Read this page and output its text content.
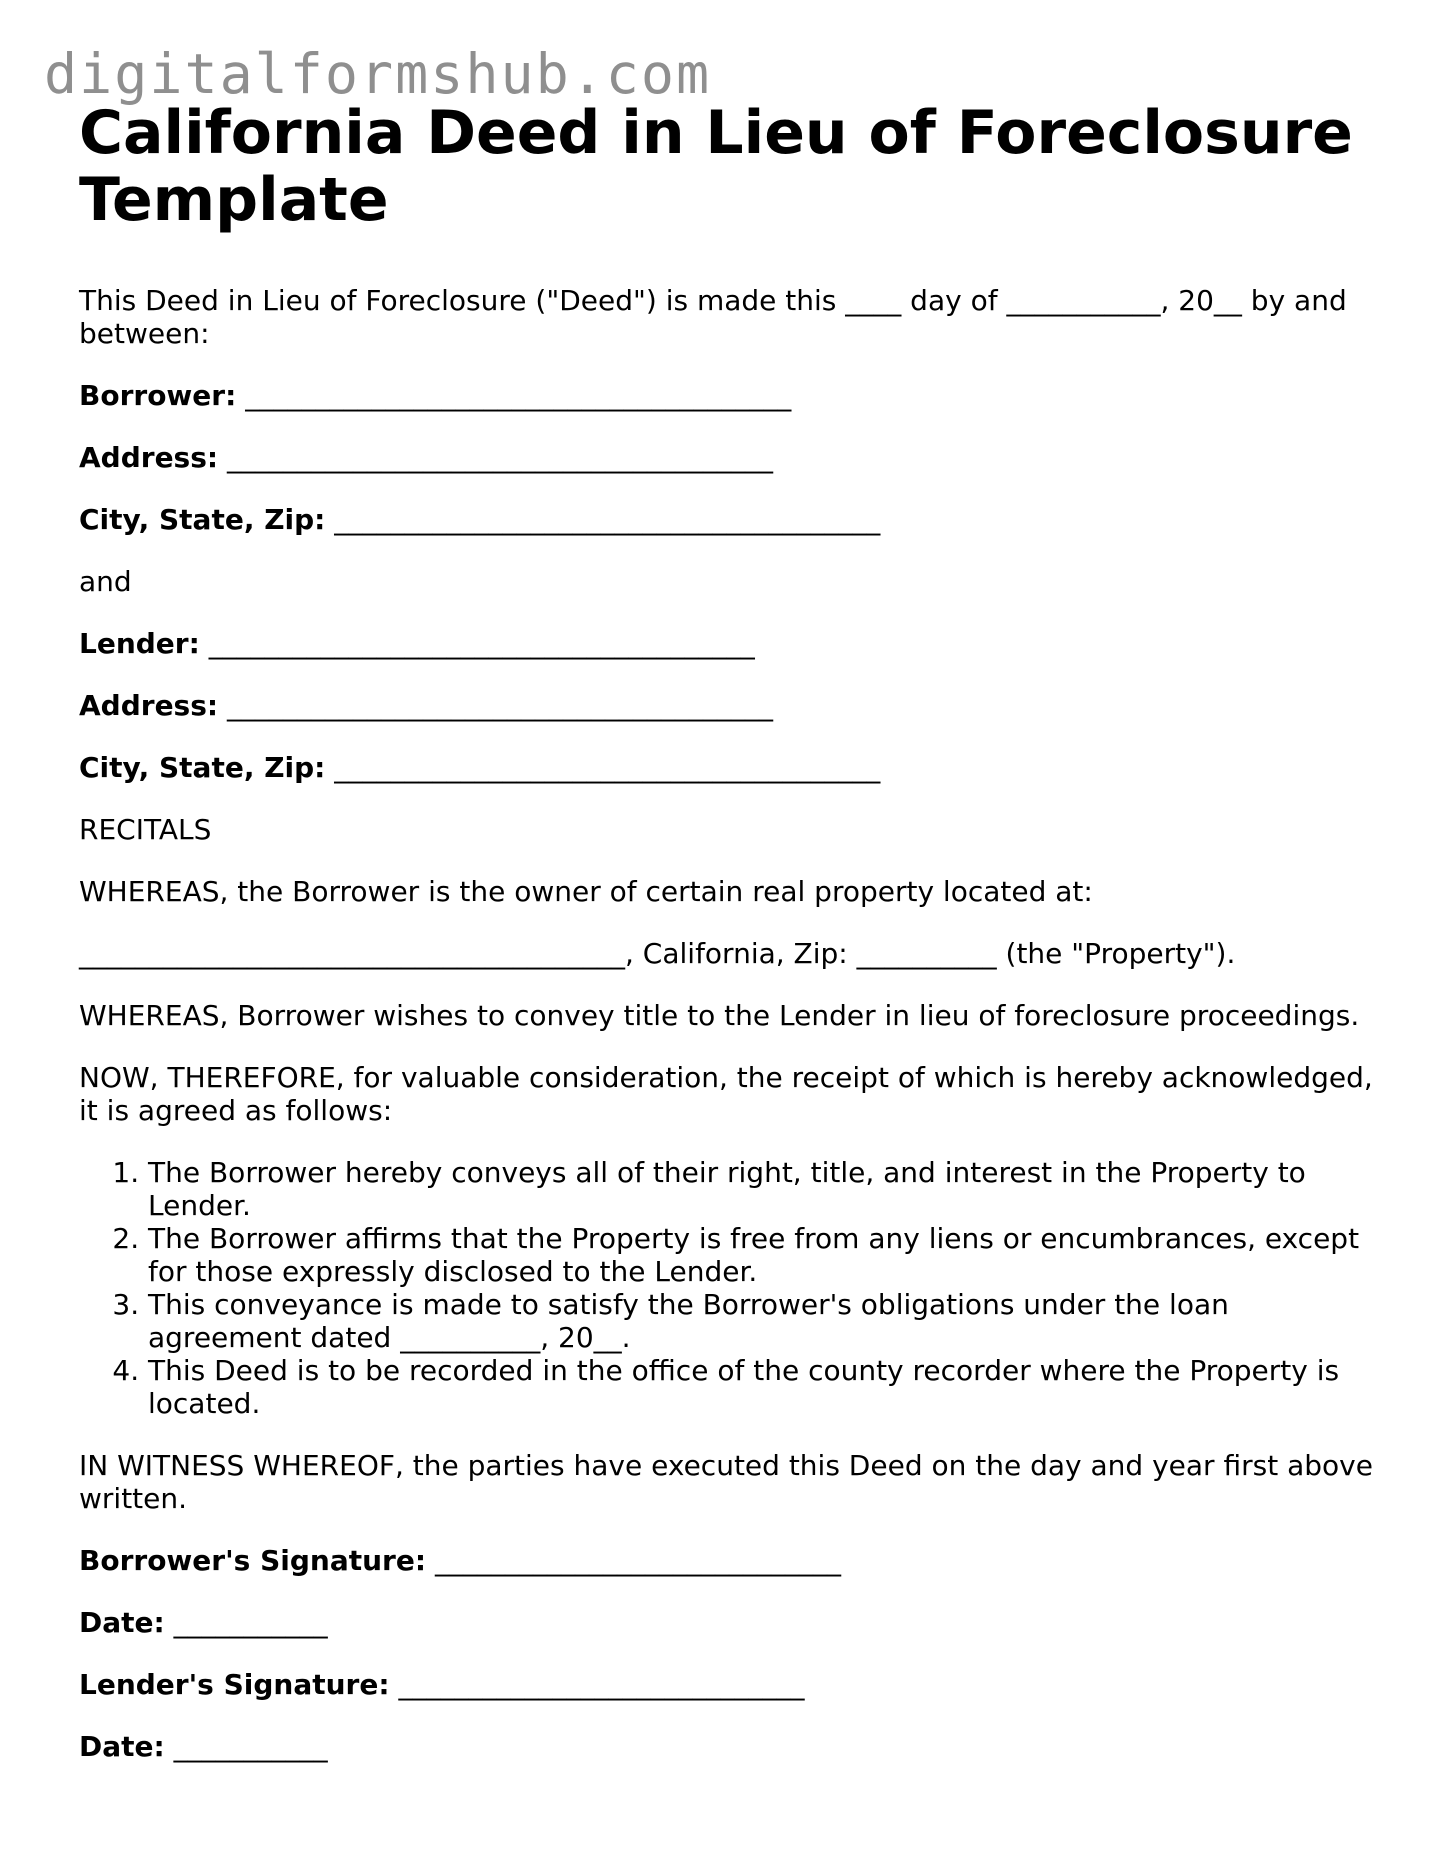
digitalformshub.com
California Deed in Lieu of Foreclosure Template

This Deed in Lieu of Foreclosure ("Deed") is made this ____ day of ___________, 20__ by and between:

Borrower: _______________________________________

Address: _______________________________________

City, State, Zip: _______________________________________

and

Lender: _______________________________________

Address: _______________________________________

City, State, Zip: _______________________________________

RECITALS

WHEREAS, the Borrower is the owner of certain real property located at:

_______________________________________, California, Zip: __________ (the "Property").

WHEREAS, Borrower wishes to convey title to the Lender in lieu of foreclosure proceedings.

NOW, THEREFORE, for valuable consideration, the receipt of which is hereby acknowledged, it is agreed as follows:

1. The Borrower hereby conveys all of their right, title, and interest in the Property to Lender.
2. The Borrower affirms that the Property is free from any liens or encumbrances, except for those expressly disclosed to the Lender.
3. This conveyance is made to satisfy the Borrower's obligations under the loan agreement dated __________, 20__.
4. This Deed is to be recorded in the office of the county recorder where the Property is located.

IN WITNESS WHEREOF, the parties have executed this Deed on the day and year first above written.

Borrower's Signature: _____________________________

Date: ___________

Lender's Signature: _____________________________

Date: ___________
